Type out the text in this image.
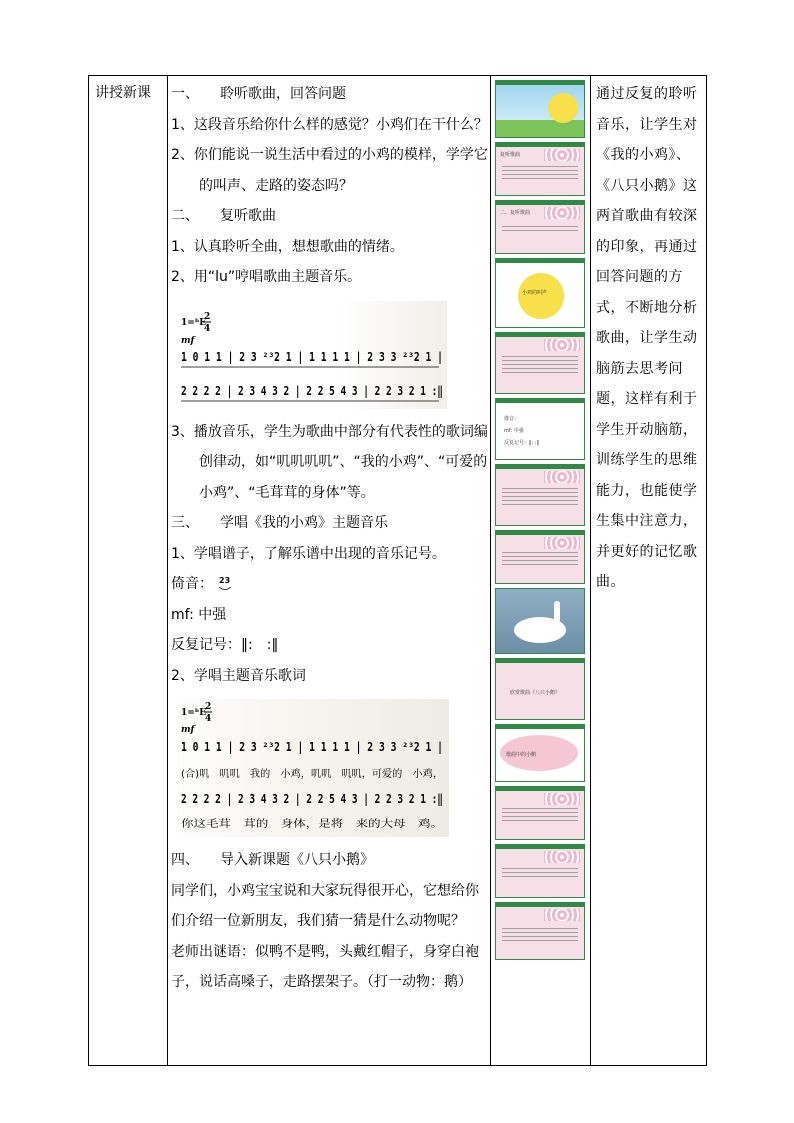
讲授新课 一、　　聆听歌曲，回答问题

1、这段音乐给你什么样的感觉？小鸡们在干什么？

2、你们能说一说生活中看过的小鸡的模样，学学它的叫声、走路的姿态吗？

二、　　复听歌曲

1、认真聆听全曲，想想歌曲的情绪。

2、用“lu”哼唱歌曲主题音乐。

1=ᵇE
2
4
mf
1 0 1 1 | 2 3 ²³2 1 | 1 1 1 1 | 2 3 3 ²³2 1 |
2 2 2 2 | 2 3 4 3 2 | 2 2 5 4 3 | 2 2 3 2 1 :‖

3、播放音乐，学生为歌曲中部分有代表性的歌词编创律动，如“叽叽叽叽”、“我的小鸡”、“可爱的小鸡”、“毛茸茸的身体”等。

三、　　学唱《我的小鸡》主题音乐

1、学唱谱子，了解乐谱中出现的音乐记号。

倚音： 23

mf: 中强

反复记号：‖:　:‖

2、学唱主题音乐歌词

1=ᵇE
2
4
mf
1 0 1 1 | 2 3 ²³2 1 | 1 1 1 1 | 2 3 3 ²³2 1 |
(合)叽　叽叽　我的　小鸡，叽叽　叽叽，可爱的　小鸡，
2 2 2 2 | 2 3 4 3 2 | 2 2 5 4 3 | 2 2 3 2 1 :‖
你这毛茸　茸的　身体，是将　来的大母　鸡。

四、　　导入新课题《八只小鹅》

同学们，小鸡宝宝说和大家玩得很开心，它想给你们介绍一位新朋友，我们猜一猜是什么动物呢？

老师出谜语：似鸭不是鸭，头戴红帽子，身穿白袍子，说话高嗓子，走路摆架子。（打一动物：鹅）

复听歌曲
二、复听歌曲
小鸡的叫声
倚音：
mf: 中强
反复记号：‖: :‖
欣赏歌曲《八只小鹅》
歌曲中的小鹅
通过反复的聆听音乐，让学生对《我的小鸡》、《八只小鹅》这两首歌曲有较深的印象，再通过回答问题的方式，不断地分析歌曲，让学生动脑筋去思考问题，这样有利于学生开动脑筋，训练学生的思维能力，也能使学生集中注意力，并更好的记忆歌曲。
